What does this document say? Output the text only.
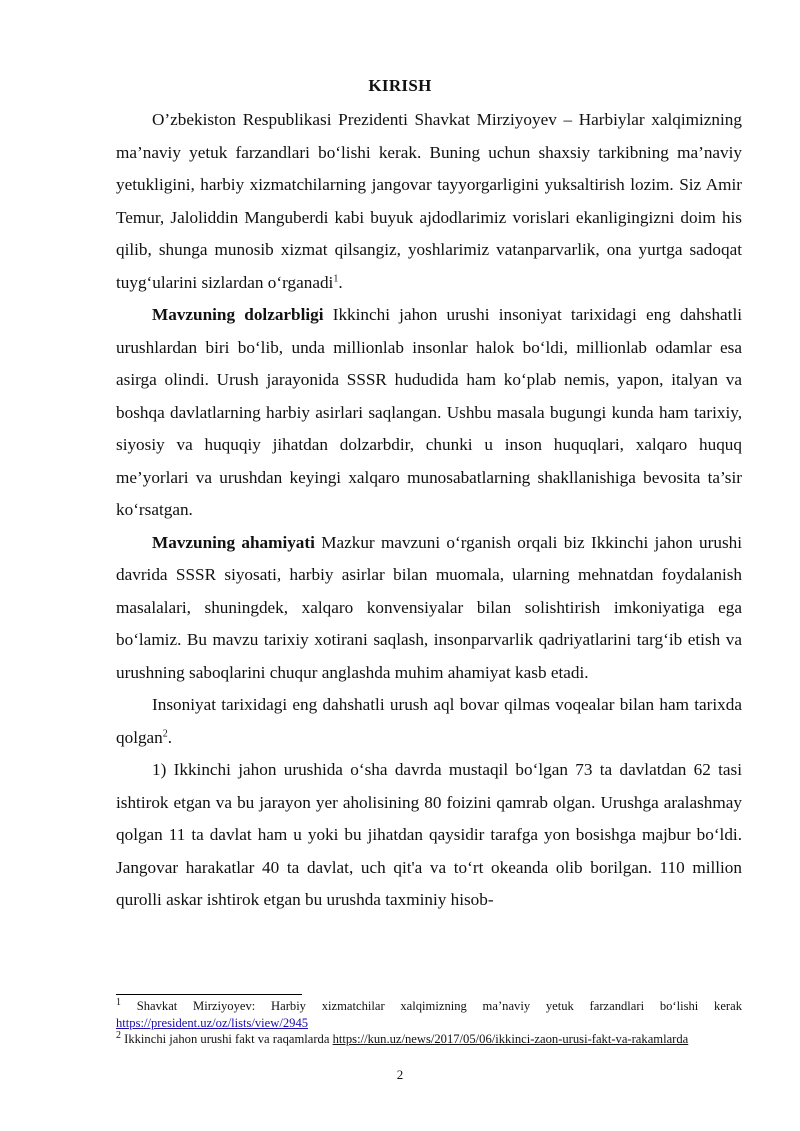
KIRISH

O’zbekiston Respublikasi Prezidenti Shavkat Mirziyoyev – Harbiylar xalqimizning ma’naviy yetuk farzandlari bo‘lishi kerak. Buning uchun shaxsiy tarkibning ma’naviy yetukligini, harbiy xizmatchilarning jangovar tayyorgarligini yuksaltirish lozim. Siz Amir Temur, Jaloliddin Manguberdi kabi buyuk ajdodlarimiz vorislari ekanligingizni doim his qilib, shunga munosib xizmat qilsangiz, yoshlarimiz vatanparvarlik, ona yurtga sadoqat tuyg‘ularini sizlardan o‘rganadi$^1$.

Mavzuning dolzarbligi Ikkinchi jahon urushi insoniyat tarixidagi eng dahshatli urushlardan biri bo‘lib, unda millionlab insonlar halok bo‘ldi, millionlab odamlar esa asirga olindi. Urush jarayonida SSSR hududida ham ko‘plab nemis, yapon, italyan va boshqa davlatlarning harbiy asirlari saqlangan. Ushbu masala bugungi kunda ham tarixiy, siyosiy va huquqiy jihatdan dolzarbdir, chunki u inson huquqlari, xalqaro huquq me’yorlari va urushdan keyingi xalqaro munosabatlarning shakllanishiga bevosita ta’sir ko‘rsatgan.

Mavzuning ahamiyati Mazkur mavzuni o‘rganish orqali biz Ikkinchi jahon urushi davrida SSSR siyosati, harbiy asirlar bilan muomala, ularning mehnatdan foydalanish masalalari, shuningdek, xalqaro konvensiyalar bilan solishtirish imkoniyatiga ega bo‘lamiz. Bu mavzu tarixiy xotirani saqlash, insonparvarlik qadriyatlarini targ‘ib etish va urushning saboqlarini chuqur anglashda muhim ahamiyat kasb etadi.

Insoniyat tarixidagi eng dahshatli urush aql bovar qilmas voqealar bilan ham tarixda qolgan$^2$.

1) Ikkinchi jahon urushida o‘sha davrda mustaqil bo‘lgan 73 ta davlatdan 62 tasi ishtirok etgan va bu jarayon yer aholisining 80 foizini qamrab olgan. Urushga aralashmay qolgan 11 ta davlat ham u yoki bu jihatdan qaysidir tarafga yon bosishga majbur bo‘ldi. Jangovar harakatlar 40 ta davlat, uch qit'a va to‘rt okeanda olib borilgan. 110 million qurolli askar ishtirok etgan bu urushda taxminiy hisob-

$^1$ Shavkat Mirziyoyev: Harbiy xizmatchilar xalqimizning ma’naviy yetuk farzandlari bo‘lishi kerak https://president.uz/oz/lists/view/2945

$^2$ Ikkinchi jahon urushi fakt va raqamlarda https://kun.uz/news/2017/05/06/ikkinci-zaon-urusi-fakt-va-rakamlarda

2
